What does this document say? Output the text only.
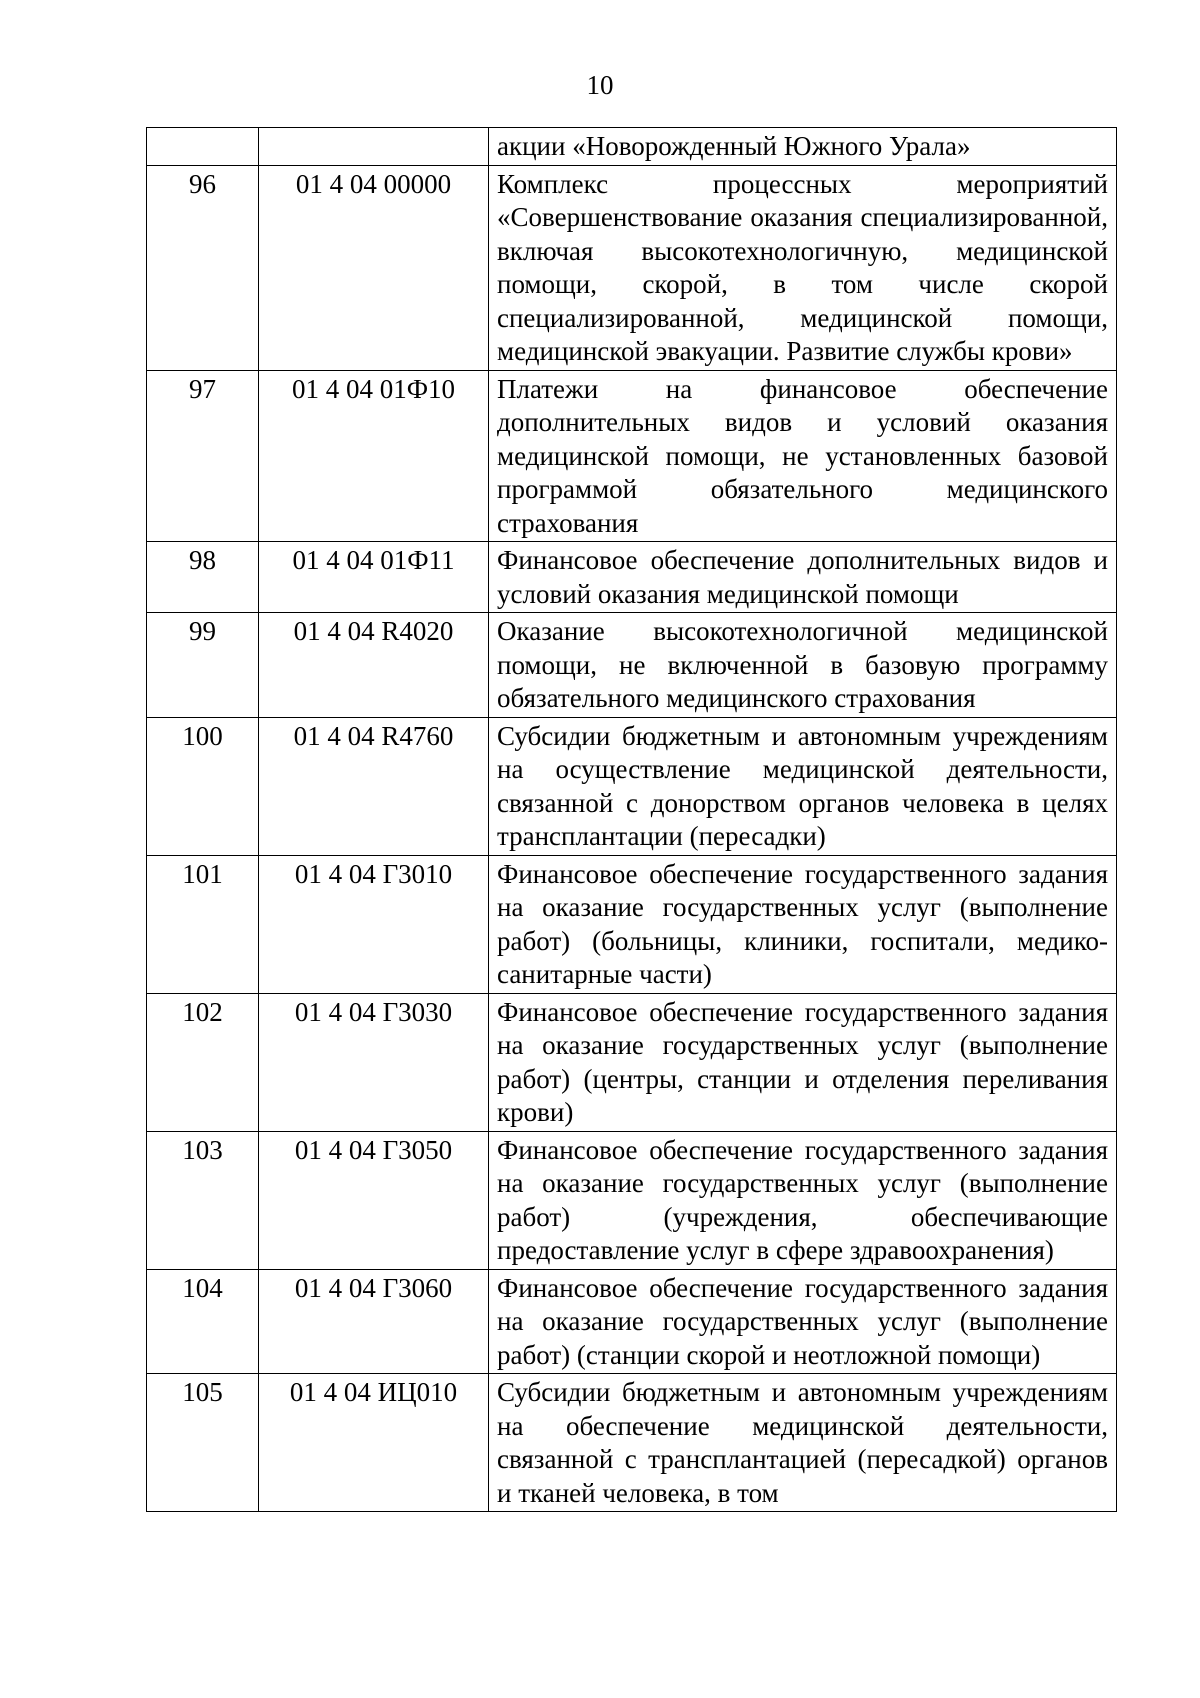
10
		акции «Новорожденный Южного Урала»
96	01 4 04 00000	Комплекс процессных мероприятий «Совершенствование оказания специализированной, включая высокотехнологичную, медицинской помощи, скорой, в том числе скорой специализированной, медицинской помощи, медицинской эвакуации. Развитие службы крови»
97	01 4 04 01Ф10	Платежи на финансовое обеспечение дополнительных видов и условий оказания медицинской помощи, не установленных базовой программой обязательного медицинского страхования
98	01 4 04 01Ф11	Финансовое обеспечение дополнительных видов и условий оказания медицинской помощи
99	01 4 04 R4020	Оказание высокотехнологичной медицинской помощи, не включенной в базовую программу обязательного медицинского страхования
100	01 4 04 R4760	Субсидии бюджетным и автономным учреждениям на осуществление медицинской деятельности, связанной с донорством органов человека в целях трансплантации (пересадки)
101	01 4 04 Г3010	Финансовое обеспечение государственного задания на оказание государственных услуг (выполнение работ) (больницы, клиники, госпитали, медико-санитарные части)
102	01 4 04 Г3030	Финансовое обеспечение государственного задания на оказание государственных услуг (выполнение работ) (центры, станции и отделения переливания крови)
103	01 4 04 Г3050	Финансовое обеспечение государственного задания на оказание государственных услуг (выполнение работ) (учреждения, обеспечивающие предоставление услуг в сфере здравоохранения)
104	01 4 04 Г3060	Финансовое обеспечение государственного задания на оказание государственных услуг (выполнение работ) (станции скорой и неотложной помощи)
105	01 4 04 ИЦ010	Субсидии бюджетным и автономным учреждениям на обеспечение медицинской деятельности, связанной с трансплантацией (пересадкой) органов и тканей человека, в том
